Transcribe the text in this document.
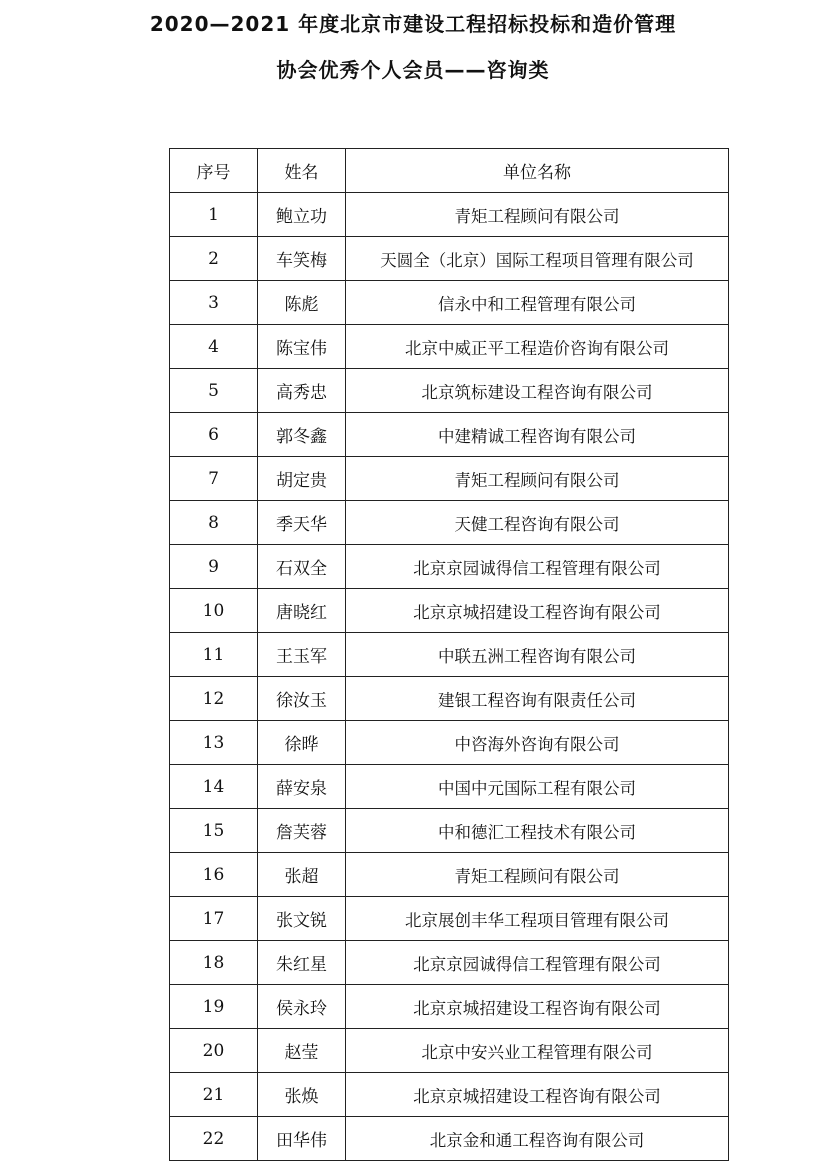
2020—2021 年度北京市建设工程招标投标和造价管理
协会优秀个人会员——咨询类
序号	姓名	单位名称
1	鲍立功	青矩工程顾问有限公司
2	车笑梅	天圆全（北京）国际工程项目管理有限公司
3	陈彪	信永中和工程管理有限公司
4	陈宝伟	北京中威正平工程造价咨询有限公司
5	高秀忠	北京筑标建设工程咨询有限公司
6	郭冬鑫	中建精诚工程咨询有限公司
7	胡定贵	青矩工程顾问有限公司
8	季天华	天健工程咨询有限公司
9	石双全	北京京园诚得信工程管理有限公司
10	唐晓红	北京京城招建设工程咨询有限公司
11	王玉军	中联五洲工程咨询有限公司
12	徐汝玉	建银工程咨询有限责任公司
13	徐晔	中咨海外咨询有限公司
14	薛安泉	中国中元国际工程有限公司
15	詹芙蓉	中和德汇工程技术有限公司
16	张超	青矩工程顾问有限公司
17	张文锐	北京展创丰华工程项目管理有限公司
18	朱红星	北京京园诚得信工程管理有限公司
19	侯永玲	北京京城招建设工程咨询有限公司
20	赵莹	北京中安兴业工程管理有限公司
21	张焕	北京京城招建设工程咨询有限公司
22	田华伟	北京金和通工程咨询有限公司
